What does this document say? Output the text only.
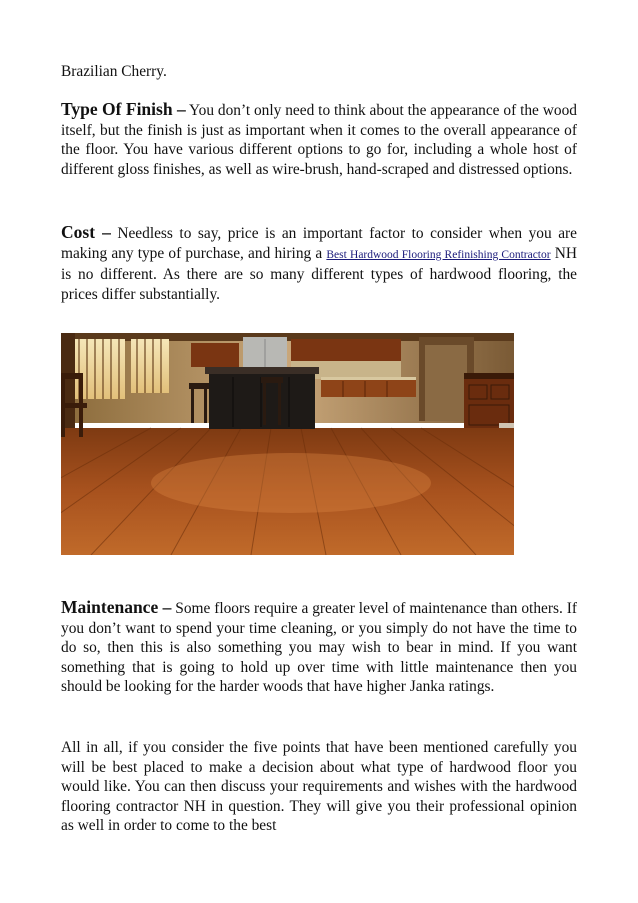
Brazilian Cherry.

Type Of Finish – You don’t only need to think about the appearance of the wood itself, but the finish is just as important when it comes to the overall appearance of the floor. You have various different options to go for, including a whole host of different gloss finishes, as well as wire-brush, hand-scraped and distressed options.

Cost – Needless to say, price is an important factor to consider when you are making any type of purchase, and hiring a Best Hardwood Flooring Refinishing Contractor NH is no different. As there are so many different types of hardwood flooring, the prices differ substantially.

Maintenance – Some floors require a greater level of maintenance than others. If you don’t want to spend your time cleaning, or you simply do not have the time to do so, then this is also something you may wish to bear in mind. If you want something that is going to hold up over time with little maintenance then you should be looking for the harder woods that have higher Janka ratings.

All in all, if you consider the five points that have been mentioned carefully you will be best placed to make a decision about what type of hardwood floor you would like. You can then discuss your requirements and wishes with the hardwood flooring contractor NH in question. They will give you their professional opinion as well in order to come to the best
